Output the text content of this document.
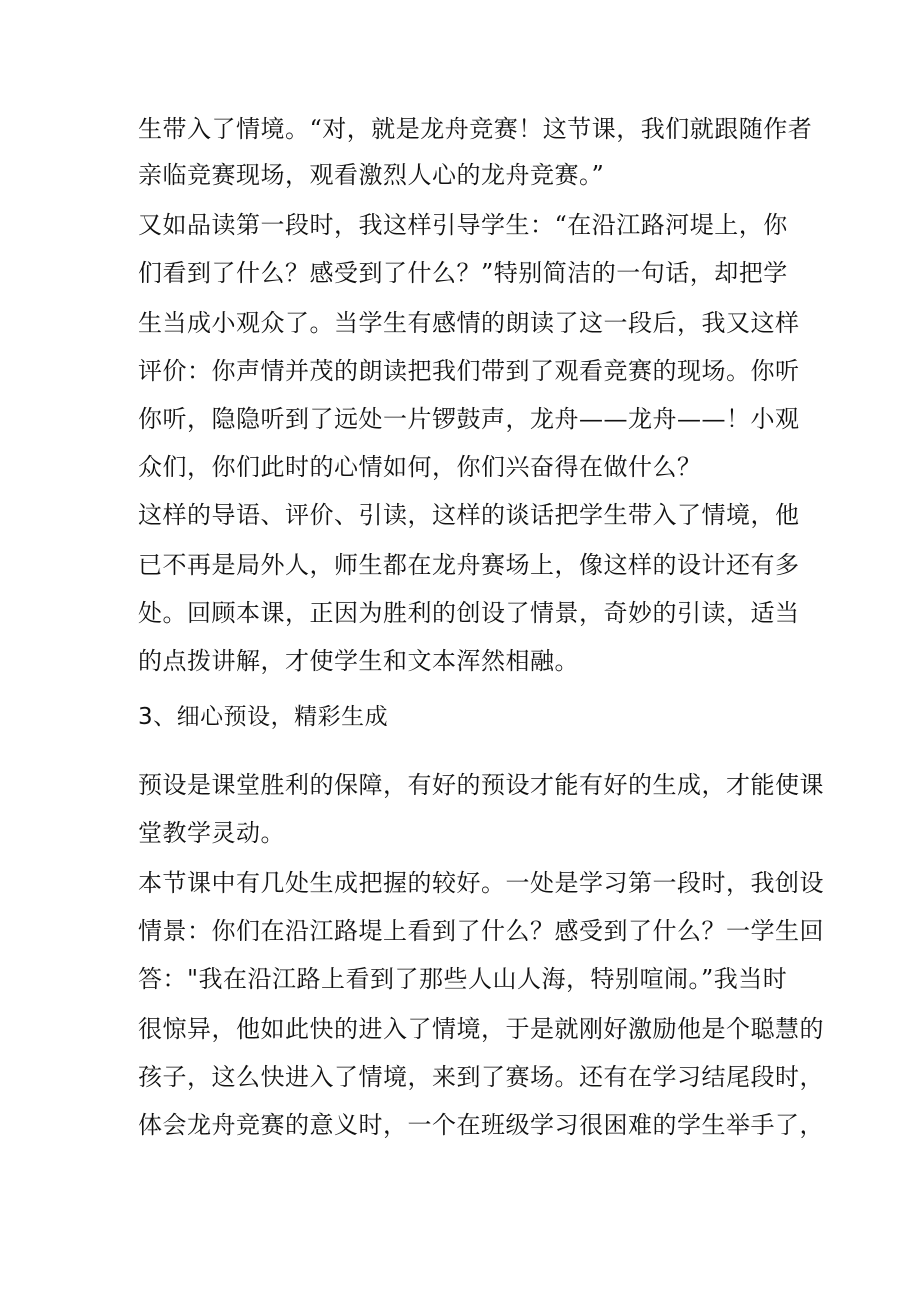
生带入了情境。“对，就是龙舟竞赛！这节课，我们就跟随作者
亲临竞赛现场，观看激烈人心的龙舟竞赛。”
又如品读第一段时，我这样引导学生：“在沿江路河堤上，你
们看到了什么？感受到了什么？”特别简洁的一句话，却把学
生当成小观众了。当学生有感情的朗读了这一段后，我又这样
评价：你声情并茂的朗读把我们带到了观看竞赛的现场。你听
你听，隐隐听到了远处一片锣鼓声，龙舟——龙舟——！小观
众们，你们此时的心情如何，你们兴奋得在做什么？
这样的导语、评价、引读，这样的谈话把学生带入了情境，他
已不再是局外人，师生都在龙舟赛场上，像这样的设计还有多
处。回顾本课，正因为胜利的创设了情景，奇妙的引读，适当
的点拨讲解，才使学生和文本浑然相融。
3、细心预设，精彩生成
预设是课堂胜利的保障，有好的预设才能有好的生成，才能使课
堂教学灵动。
本节课中有几处生成把握的较好。一处是学习第一段时，我创设
情景：你们在沿江路堤上看到了什么？感受到了什么？一学生回
答："我在沿江路上看到了那些人山人海，特别喧闹。”我当时
很惊异，他如此快的进入了情境，于是就刚好激励他是个聪慧的
孩子，这么快进入了情境，来到了赛场。还有在学习结尾段时，
体会龙舟竞赛的意义时，一个在班级学习很困难的学生举手了，
